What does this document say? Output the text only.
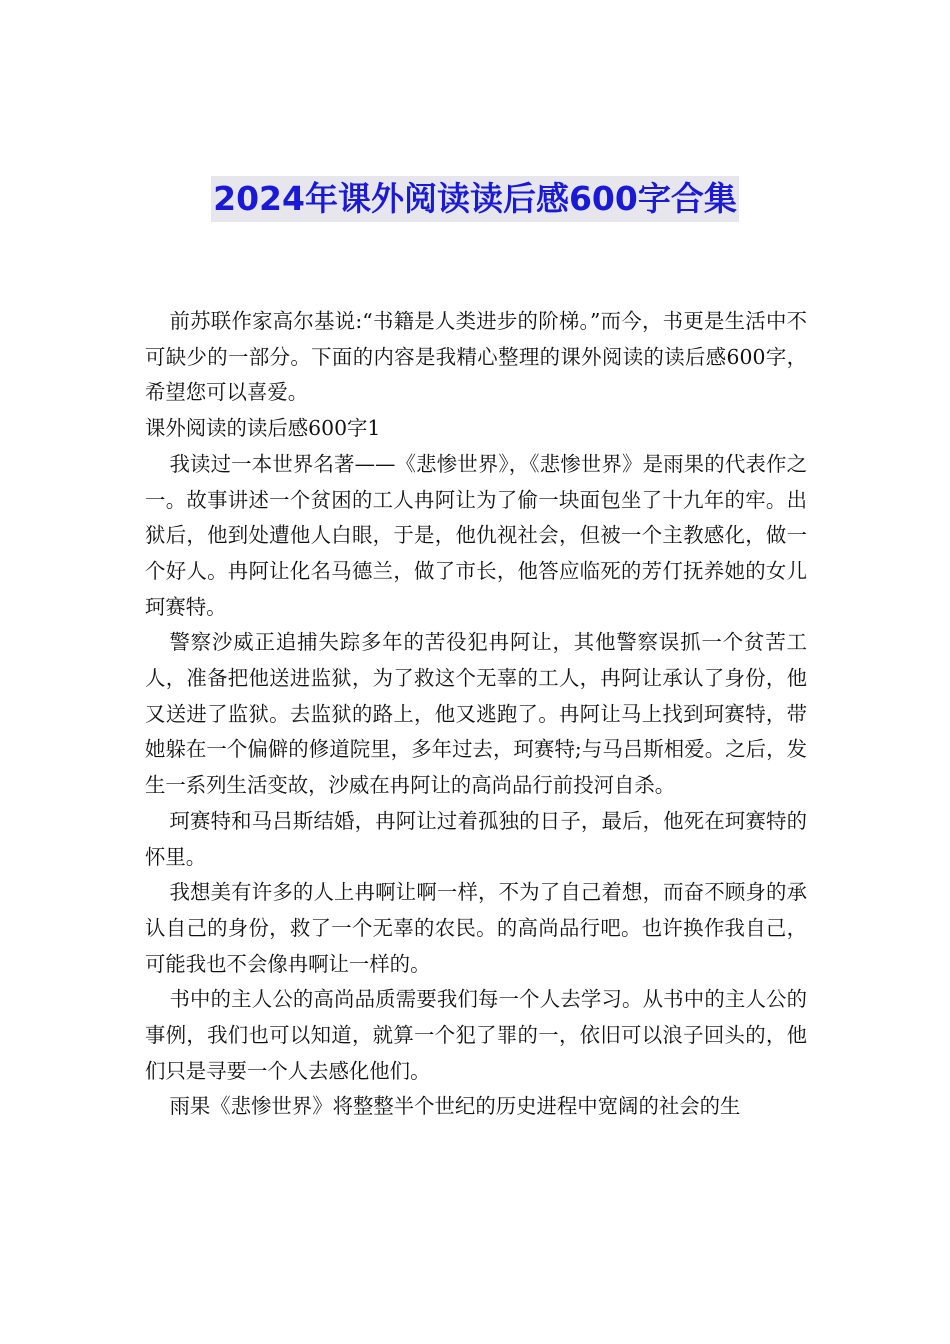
2024年课外阅读读后感600字合集

前苏联作家高尔基说:“书籍是人类进步的阶梯。”而今，书更是生活中不可缺少的一部分。下面的内容是我精心整理的课外阅读的读后感600字，希望您可以喜爱。

课外阅读的读后感600字1

我读过一本世界名著——《悲惨世界》，《悲惨世界》是雨果的代表作之一。故事讲述一个贫困的工人冉阿让为了偷一块面包坐了十九年的牢。出狱后，他到处遭他人白眼，于是，他仇视社会，但被一个主教感化，做一个好人。冉阿让化名马德兰，做了市长，他答应临死的芳仃抚养她的女儿珂赛特。

警察沙威正追捕失踪多年的苦役犯冉阿让，其他警察误抓一个贫苦工人，准备把他送进监狱，为了救这个无辜的工人，冉阿让承认了身份，他又送进了监狱。去监狱的路上，他又逃跑了。冉阿让马上找到珂赛特，带她躲在一个偏僻的修道院里，多年过去，珂赛特;与马吕斯相爱。之后，发生一系列生活变故，沙威在冉阿让的高尚品行前投河自杀。

珂赛特和马吕斯结婚，冉阿让过着孤独的日子，最后，他死在珂赛特的怀里。

我想美有许多的人上冉啊让啊一样，不为了自己着想，而奋不顾身的承认自己的身份，救了一个无辜的农民。的高尚品行吧。也许换作我自己，可能我也不会像冉啊让一样的。

书中的主人公的高尚品质需要我们每一个人去学习。从书中的主人公的事例，我们也可以知道，就算一个犯了罪的一，依旧可以浪子回头的，他们只是寻要一个人去感化他们。

雨果《悲惨世界》将整整半个世纪的历史进程中宽阔的社会的生
